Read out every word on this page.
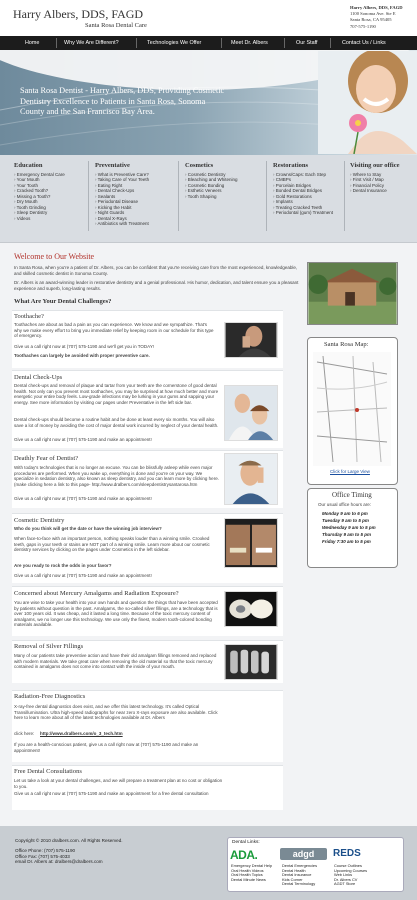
Harry Albers, DDS, FAGD
Santa Rosa Dental Care
Harry Albers, DDS, FAGD
1100 Sonoma Ave. Ste E
Santa Rosa, CA 95405
707-575-1190
Home	Why We Are Different?	Technologies We Offer	Meet Dr. Albers	Our Staff	Contact Us / Links
Santa Rosa Dentist - Harry Albers, DDS, Providing Cosmetic Dentistry Excellence to Patients in Santa Rosa, Sonoma County and the San Francisco Bay Area.
Education
› Emergency Dental Care
› Your Mouth
› Your Tooth
› Cracked Tooth?
› Missing a Tooth?
› Dry Mouth
› Tooth Grinding
› Sleep Dentistry
› Videos
Preventative
› What is Preventive Care?
› Taking Care of Your Teeth
› Eating Right
› Dental Check-Ups
› Sealants
› Periodontal Disease
› Kicking the Habit
› Night Guards
› Dental X-Rays
› Antibiotics with Treatment
Cosmetics
› Cosmetic Dentistry
› Bleaching and Whitening
› Cosmetic Bonding
› Esthetic Veneers
› Tooth Shaping
Restorations
› Crowns/Caps: Each Step
› CMBPs
› Porcelain Bridges
› Bonded Dental Bridges
› Gold Restorations
› Implants
› Treating Cracked Teeth
› Periodontal (gum) Treatment
Visiting our office
› Where to Stay
› First Visit / Map
› Financial Policy
› Dental Insurance
Welcome to Our Website
In Santa Rosa, when you're a patient of Dr. Albers, you can be confident that you're receiving care from the most experienced, knowledgeable, and skilled cosmetic dentist in Sonoma County.
Dr. Albers is an award-winning leader in restorative dentistry and a genial professional. His humor, dedication, and talent ensure you a pleasant experience and superb, long-lasting results.
What Are Your Dental Challenges?
Toothache?
Toothaches are about as bad a pain as you can experience. We know and we sympathize. That's why we make every effort to bring you immediate relief by keeping room in our schedule for this type of emergency.
Give us a call right now at (707) 575-1190 and we'll get you in TODAY!
Toothaches can largely be avoided with proper preventive care.
Dental Check-Ups
Dental check-ups and removal of plaque and tartar from your teeth are the cornerstone of good dental health. Not only can you prevent most toothaches, you may be surprised at how much better and more energetic your entire body feels. Low-grade infections may be lurking in your gums and sapping your energy. See more information by visiting our pages under Preventative in the left side bar.
Dental check-ups should become a routine habit and be done at least every six months. You will also save a lot of money by avoiding the cost of major dental work incurred by neglect of your dental health.
Give us a call right now at (707) 575-1190 and make an appointment!
Deathly Fear of Dentist?
With today's technologies that is no longer an excuse. You can be blissfully asleep while even major procedures are performed. When you wake up, everything is done and you're on your way. We specialize in sedation dentistry, also known as sleep dentistry, and you can learn more by clicking here. (make clicking here a link to this page- http://www.dralbers.com/sleepdentistrysantarosa.htm
Give us a call right now at (707) 575-1190 and make an appointment!
Cosmetic Dentistry
Who do you think will get the date or have the winning job interview?
When face-to-face with an important person, nothing speaks louder than a winning smile. Crooked teeth, gaps in your teeth or stains are NOT part of a winning smile. Learn more about our cosmetic dentistry services by clicking on the pages under Cosmetics in the left sidebar.
Are you ready to rock the odds in your favor?
Give us a call right now at (707) 575-1190 and make an appointment!
Concerned about Mercury Amalgams and Radiation Exposure?
You are wise to take your health into your own hands and question the things that have been accepted by patients without question in the past. Amalgams, the so-called silver fillings, are a technology that is over 100 years old. It was cheap, and it lasted a long time. Because of the toxic mercury content of amalgams, we no longer use this technology. We use only the finest, modern tooth-colored bonding materials available.
Removal of Silver Fillings
Many of our patients take preventive action and have their old amalgam fillings removed and replaced with modern materials. We take great care when removing the old material so that the toxic mercury contained in amalgams does not come into contact with the inside of your mouth.
Radiation-Free Diagnostics
X-ray-free dental diagnostics does exist, and we offer this latest technology. It's called Optical Transillumination. Ultra high-speed radiographs for near zero X-rays exposure are also available. Click here to learn more about all of the latest technologies available at Dr. Albers
click here: http://www.dralbers.com/o_3_tech.htm
If you are a health-conscious patient, give us a call right now at (707) 575-1190 and make an appointment!
Free Dental Consultations
Let us take a look at your dental challenges, and we will prepare a treatment plan at no cost or obligation to you.
Give us a call right now at (707) 575-1190 and make an appointment for a free dental consultation
Santa Rosa Map:
Click for Large View
Office Timing
Our usual office hours are:
Monday 9 am to 6 pm
Tuesday 9 am to 5 pm
Wednesday 9 am to 5 pm
Thursday 9 am to 5 pm
Friday 7:30 am to 5 pm
Copyright © 2010 dralbers.com. All Rights Reserved.
Office Phone: (707) 575-1190
Office Fax: (707) 575-4033
email Dr. Albers at: dralbers@dralbers.com
Dental Links:
ADA.	adgd	REDS
Emergency Dental Help
Oral Health Videos
Oral Health Topics
Dental Minute News
Dental Emergencies
Dental Health
Dental Insurance
Kids Corner
Dental Terminology
Course Outlines
Upcoming Courses
Web Links
Dr. Albers CV
AGDT Store
